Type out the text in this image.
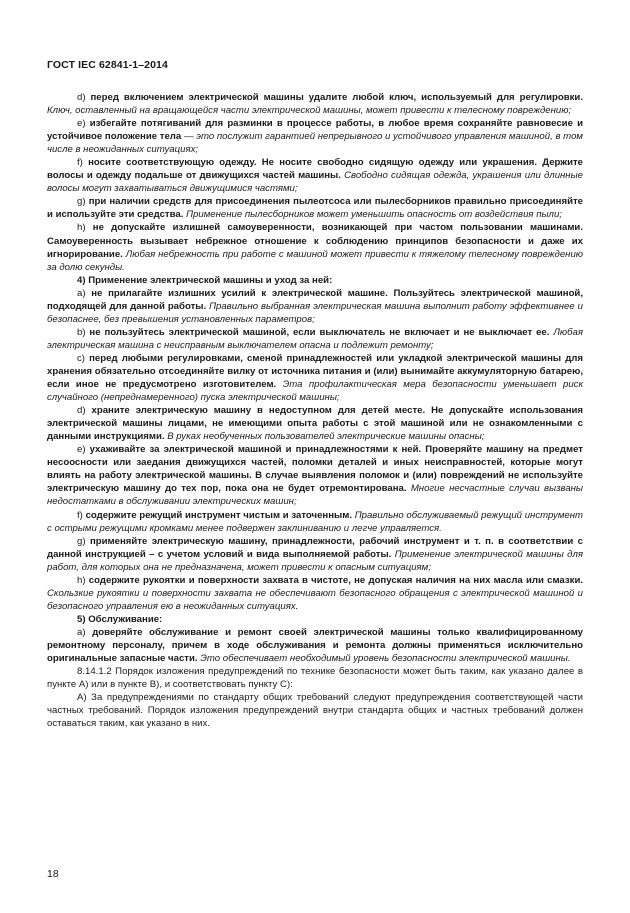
ГОСТ IEC 62841-1–2014

d) перед включением электрической машины удалите любой ключ, используемый для регулировки. Ключ, оставленный на вращающейся части электрической машины, может привести к телесному повреждению;

e) избегайте потягиваний для разминки в процессе работы, в любое время сохраняйте равновесие и устойчивое положение тела — это послужит гарантией непрерывного и устойчивого управления машиной, в том числе в неожиданных ситуациях;

f) носите соответствующую одежду. Не носите свободно сидящую одежду или украшения. Держите волосы и одежду подальше от движущихся частей машины. Свободно сидящая одежда, украшения или длинные волосы могут захватываться движущимися частями;

g) при наличии средств для присоединения пылеотсоса или пылесборников правильно присоединяйте и используйте эти средства. Применение пылесборников может уменьшить опасность от воздействия пыли;

h) не допускайте излишней самоуверенности, возникающей при частом пользовании машинами. Самоуверенность вызывает небрежное отношение к соблюдению принципов безопасности и даже их игнорирование. Любая небрежность при работе с машиной может привести к тяжелому телесному повреждению за долю секунды.

4) Применение электрической машины и уход за ней:

a) не прилагайте излишних усилий к электрической машине. Пользуйтесь электрической машиной, подходящей для данной работы. Правильно выбранная электрическая машина выполнит работу эффективнее и безопаснее, без превышения установленных параметров;

b) не пользуйтесь электрической машиной, если выключатель не включает и не выключает ее. Любая электрическая машина с неисправным выключателем опасна и подлежит ремонту;

c) перед любыми регулировками, сменой принадлежностей или укладкой электрической машины для хранения обязательно отсоединяйте вилку от источника питания и (или) вынимайте аккумуляторную батарею, если иное не предусмотрено изготовителем. Эта профилактическая мера безопасности уменьшает риск случайного (непреднамеренного) пуска электрической машины;

d) храните электрическую машину в недоступном для детей месте. Не допускайте использования электрической машины лицами, не имеющими опыта работы с этой машиной или не ознакомленными с данными инструкциями. В руках необученных пользователей электрические машины опасны;

e) ухаживайте за электрической машиной и принадлежностями к ней. Проверяйте машину на предмет несоосности или заедания движущихся частей, поломки деталей и иных неисправностей, которые могут влиять на работу электрической машины. В случае выявления поломок и (или) повреждений не используйте электрическую машину до тех пор, пока она не будет отремонтирована. Многие несчастные случаи вызваны недостатками в обслуживании электрических машин;

f) содержите режущий инструмент чистым и заточенным. Правильно обслуживаемый режущий инструмент с острыми режущими кромками менее подвержен заклиниванию и легче управляется.

g) применяйте электрическую машину, принадлежности, рабочий инструмент и т. п. в соответствии с данной инструкцией – с учетом условий и вида выполняемой работы. Применение электрической машины для работ, для которых она не предназначена, может привести к опасным ситуациям;

h) содержите рукоятки и поверхности захвата в чистоте, не допуская наличия на них масла или смазки. Скользкие рукоятки и поверхности захвата не обеспечивают безопасного обращения с электрической машиной и безопасного управления ею в неожиданных ситуациях.

5) Обслуживание:

a) доверяйте обслуживание и ремонт своей электрической машины только квалифицированному ремонтному персоналу, причем в ходе обслуживания и ремонта должны применяться исключительно оригинальные запасные части. Это обеспечивает необходимый уровень безопасности электрической машины.

8.14.1.2 Порядок изложения предупреждений по технике безопасности может быть таким, как указано далее в пункте A) или в пункте B), и соответствовать пункту C):

A) За предупреждениями по стандарту общих требований следуют предупреждения соответствующей части частных требований. Порядок изложения предупреждений внутри стандарта общих и частных требований должен оставаться таким, как указано в них.

18
